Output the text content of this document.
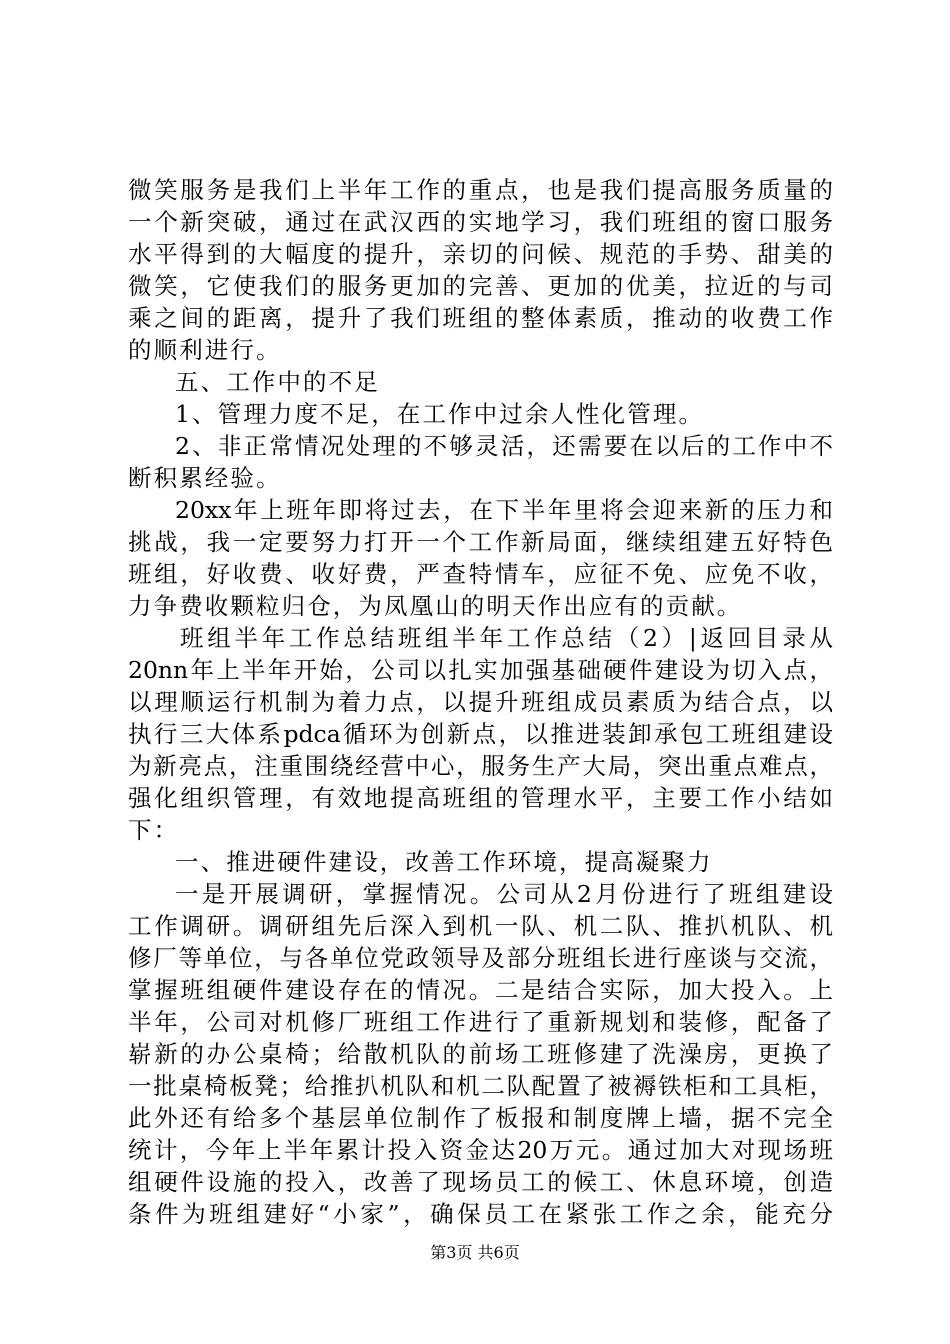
微笑服务是我们上半年工作的重点，也是我们提高服务质量的
一个新突破，通过在武汉西的实地学习，我们班组的窗口服务
水平得到的大幅度的提升，亲切的问候、规范的手势、甜美的
微笑，它使我们的服务更加的完善、更加的优美，拉近的与司
乘之间的距离，提升了我们班组的整体素质，推动的收费工作
的顺利进行。
五、工作中的不足
1、管理力度不足，在工作中过余人性化管理。
2、非正常情况处理的不够灵活，还需要在以后的工作中不
断积累经验。
20xx年上班年即将过去，在下半年里将会迎来新的压力和
挑战，我一定要努力打开一个工作新局面，继续组建五好特色
班组，好收费、收好费，严查特情车，应征不免、应免不收，
力争费收颗粒归仓，为凤凰山的明天作出应有的贡献。
班组半年工作总结班组半年工作总结（2）|返回目录从
20nn年上半年开始，公司以扎实加强基础硬件建设为切入点，
以理顺运行机制为着力点，以提升班组成员素质为结合点，以
执行三大体系pdca循环为创新点，以推进装卸承包工班组建设
为新亮点，注重围绕经营中心，服务生产大局，突出重点难点，
强化组织管理，有效地提高班组的管理水平，主要工作小结如
下：
一、推进硬件建设，改善工作环境，提高凝聚力
一是开展调研，掌握情况。公司从2月份进行了班组建设
工作调研。调研组先后深入到机一队、机二队、推扒机队、机
修厂等单位，与各单位党政领导及部分班组长进行座谈与交流，
掌握班组硬件建设存在的情况。二是结合实际，加大投入。上
半年，公司对机修厂班组工作进行了重新规划和装修，配备了
崭新的办公桌椅；给散机队的前场工班修建了洗澡房，更换了
一批桌椅板凳；给推扒机队和机二队配置了被褥铁柜和工具柜，
此外还有给多个基层单位制作了板报和制度牌上墙，据不完全
统计，今年上半年累计投入资金达20万元。通过加大对现场班
组硬件设施的投入，改善了现场员工的候工、休息环境，创造
条件为班组建好“小家”，确保员工在紧张工作之余，能充分
第3页 共6页
